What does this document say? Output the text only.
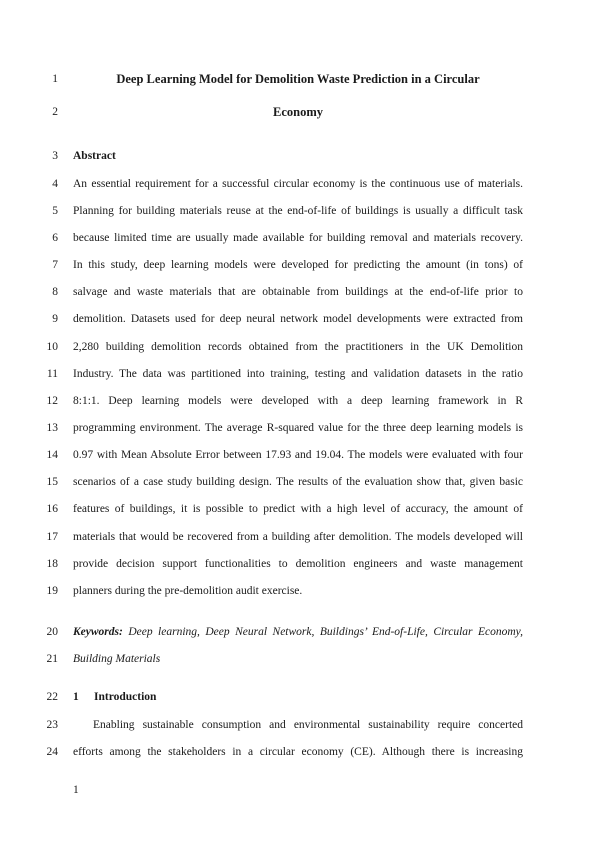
1	Deep Learning Model for Demolition Waste Prediction in a Circular
2	Economy
3 Abstract
4 An essential requirement for a successful circular economy is the continuous use of materials.
5 Planning for building materials reuse at the end-of-life of buildings is usually a difficult task
6 because limited time are usually made available for building removal and materials recovery.
7 In this study, deep learning models were developed for predicting the amount (in tons) of
8 salvage and waste materials that are obtainable from buildings at the end-of-life prior to
9 demolition. Datasets used for deep neural network model developments were extracted from
10 2,280 building demolition records obtained from the practitioners in the UK Demolition
11 Industry. The data was partitioned into training, testing and validation datasets in the ratio
12 8:1:1. Deep learning models were developed with a deep learning framework in R
13 programming environment. The average R-squared value for the three deep learning models is
14 0.97 with Mean Absolute Error between 17.93 and 19.04. The models were evaluated with four
15 scenarios of a case study building design. The results of the evaluation show that, given basic
16 features of buildings, it is possible to predict with a high level of accuracy, the amount of
17 materials that would be recovered from a building after demolition. The models developed will
18 provide decision support functionalities to demolition engineers and waste management
19 planners during the pre-demolition audit exercise.
20 Keywords: Deep learning, Deep Neural Network, Buildings’ End-of-Life, Circular Economy,
21 Building Materials
22 1 Introduction
23	Enabling sustainable consumption and environmental sustainability require concerted
24 efforts among the stakeholders in a circular economy (CE). Although there is increasing
1
